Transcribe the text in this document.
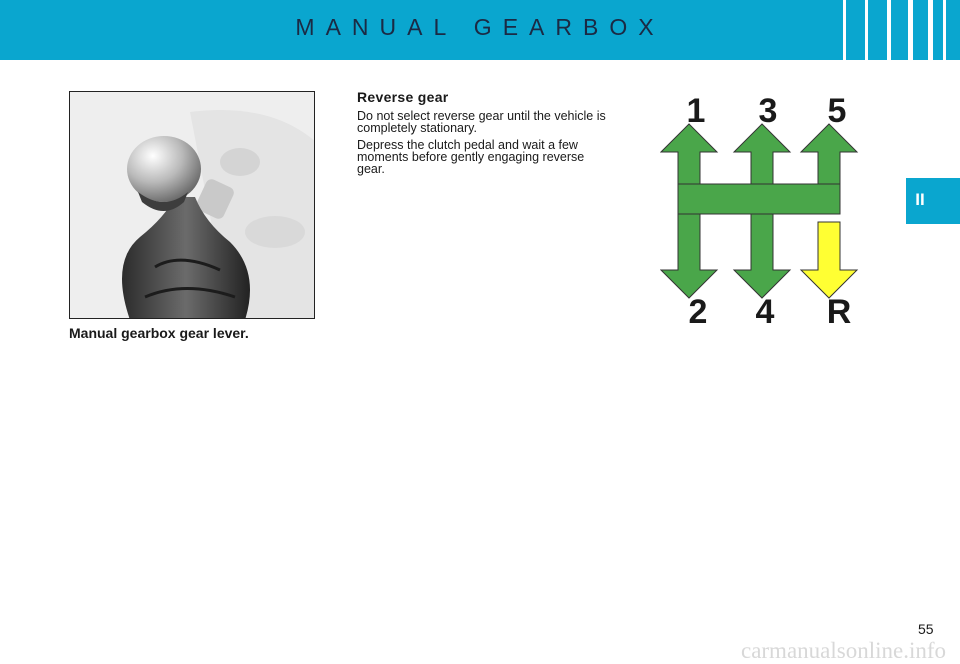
MANUAL GEARBOX
II
Manual gearbox gear lever.
Reverse gear

Do not select reverse gear until the vehicle is completely stationary.

Depress the clutch pedal and wait a few moments before gently engaging reverse gear.

1 3 5
2 4 R
55
carmanualsonline.info
